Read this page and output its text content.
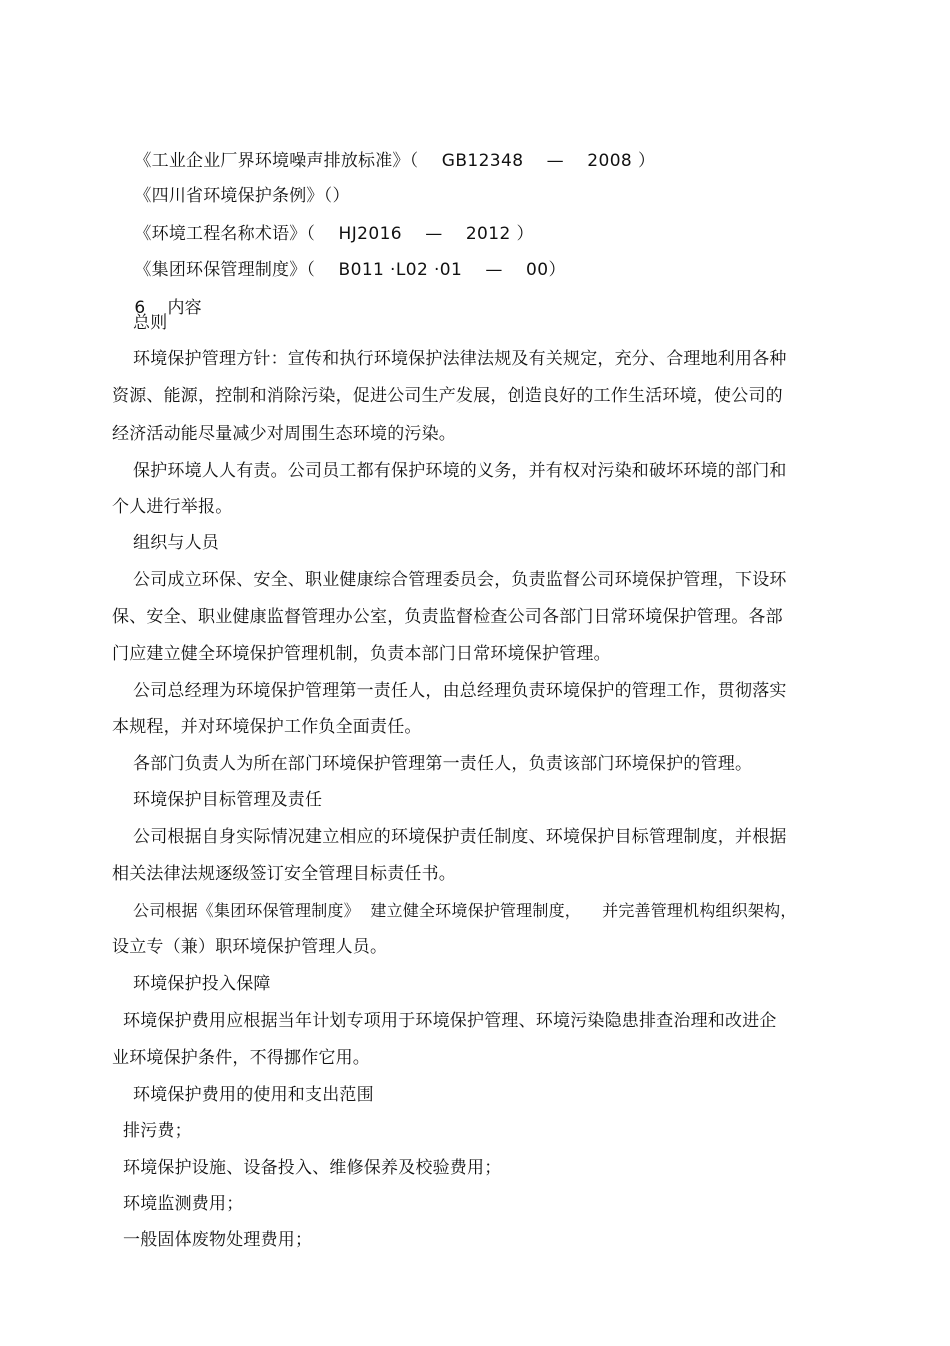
《工业企业厂界环境噪声排放标准》（    GB12348    —    2008 ）

《四川省环境保护条例》（）

《环境工程名称术语》（    HJ2016    —    2012 ）

《集团环保管理制度》（    B011 ·L02 ·01    —    00）

6 内容

总则
环境保护管理方针：宣传和执行环境保护法律法规及有关规定，充分、合理地利用各种
资源、能源，控制和消除污染，促进公司生产发展，创造良好的工作生活环境，使公司的
经济活动能尽量减少对周围生态环境的污染。
保护环境人人有责。公司员工都有保护环境的义务，并有权对污染和破坏环境的部门和
个人进行举报。
组织与人员
公司成立环保、安全、职业健康综合管理委员会，负责监督公司环境保护管理，下设环
保、安全、职业健康监督管理办公室，负责监督检查公司各部门日常环境保护管理。各部
门应建立健全环境保护管理机制，负责本部门日常环境保护管理。
公司总经理为环境保护管理第一责任人，由总经理负责环境保护的管理工作，贯彻落实
本规程，并对环境保护工作负全面责任。
各部门负责人为所在部门环境保护管理第一责任人，负责该部门环境保护的管理。
环境保护目标管理及责任
公司根据自身实际情况建立相应的环境保护责任制度、环境保护目标管理制度，并根据
相关法律法规逐级签订安全管理目标责任书。
公司根据《集团环保管理制度》  建立健全环境保护管理制度，    并完善管理机构组织架构，
设立专（兼）职环境保护管理人员。
环境保护投入保障
环境保护费用应根据当年计划专项用于环境保护管理、环境污染隐患排查治理和改进企
业环境保护条件，不得挪作它用。
环境保护费用的使用和支出范围
排污费；
环境保护设施、设备投入、维修保养及校验费用；
环境监测费用；
一般固体废物处理费用；
